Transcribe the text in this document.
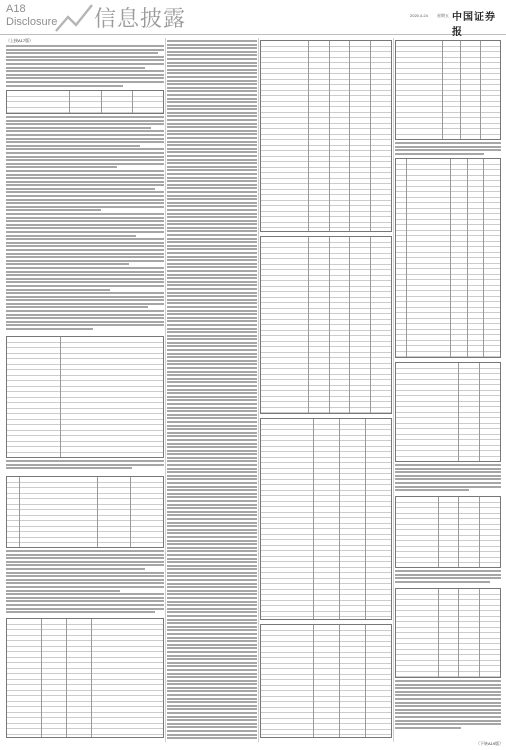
A18
Disclosure 信息披露	2020.4.24 星期五 中国证券报
（上接A17版）
（下转A19版）
